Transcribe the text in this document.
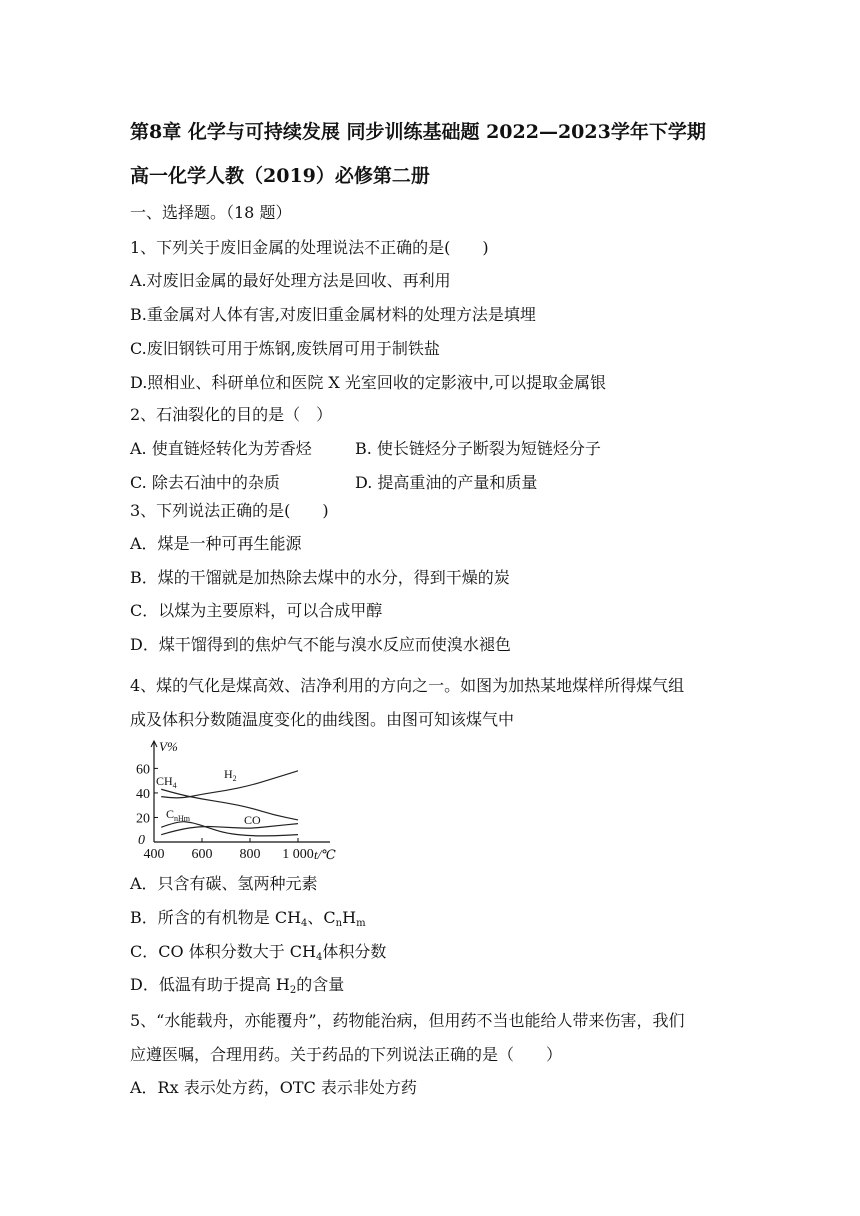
第8章 化学与可持续发展 同步训练基础题 2022—2023学年下学期
高一化学人教（2019）必修第二册
一、选择题。（18 题）
1、下列关于废旧金属的处理说法不正确的是(　　)
A.对废旧金属的最好处理方法是回收、再利用
B.重金属对人体有害,对废旧重金属材料的处理方法是填埋
C.废旧钢铁可用于炼钢,废铁屑可用于制铁盐
D.照相业、科研单位和医院 X 光室回收的定影液中,可以提取金属银
2、石油裂化的目的是（　）
A. 使直链烃转化为芳香烃	B. 使长链烃分子断裂为短链烃分子
C. 除去石油中的杂质	D. 提高重油的产量和质量
3、下列说法正确的是(　　)
A．煤是一种可再生能源
B．煤的干馏就是加热除去煤中的水分，得到干燥的炭
C．以煤为主要原料，可以合成甲醇
D．煤干馏得到的焦炉气不能与溴水反应而使溴水褪色
4、煤的气化是煤高效、洁净利用的方向之一。如图为加热某地煤样所得煤气组
成及体积分数随温度变化的曲线图。由图可知该煤气中
0
20
40
60
400 600 800 1 000
V%
t/℃
$H_2$
$CH_4$
CO
$C_{nH}m$
A．只含有碳、氢两种元素
B．所含的有机物是 $CH_4$、$C_nH_m$
C．CO 体积分数大于 $CH_4$体积分数
D．低温有助于提高 $H_2$的含量
5、“水能载舟，亦能覆舟”，药物能治病，但用药不当也能给人带来伤害，我们
应遵医嘱，合理用药。关于药品的下列说法正确的是（　　）
A．Rx 表示处方药，OTC 表示非处方药
